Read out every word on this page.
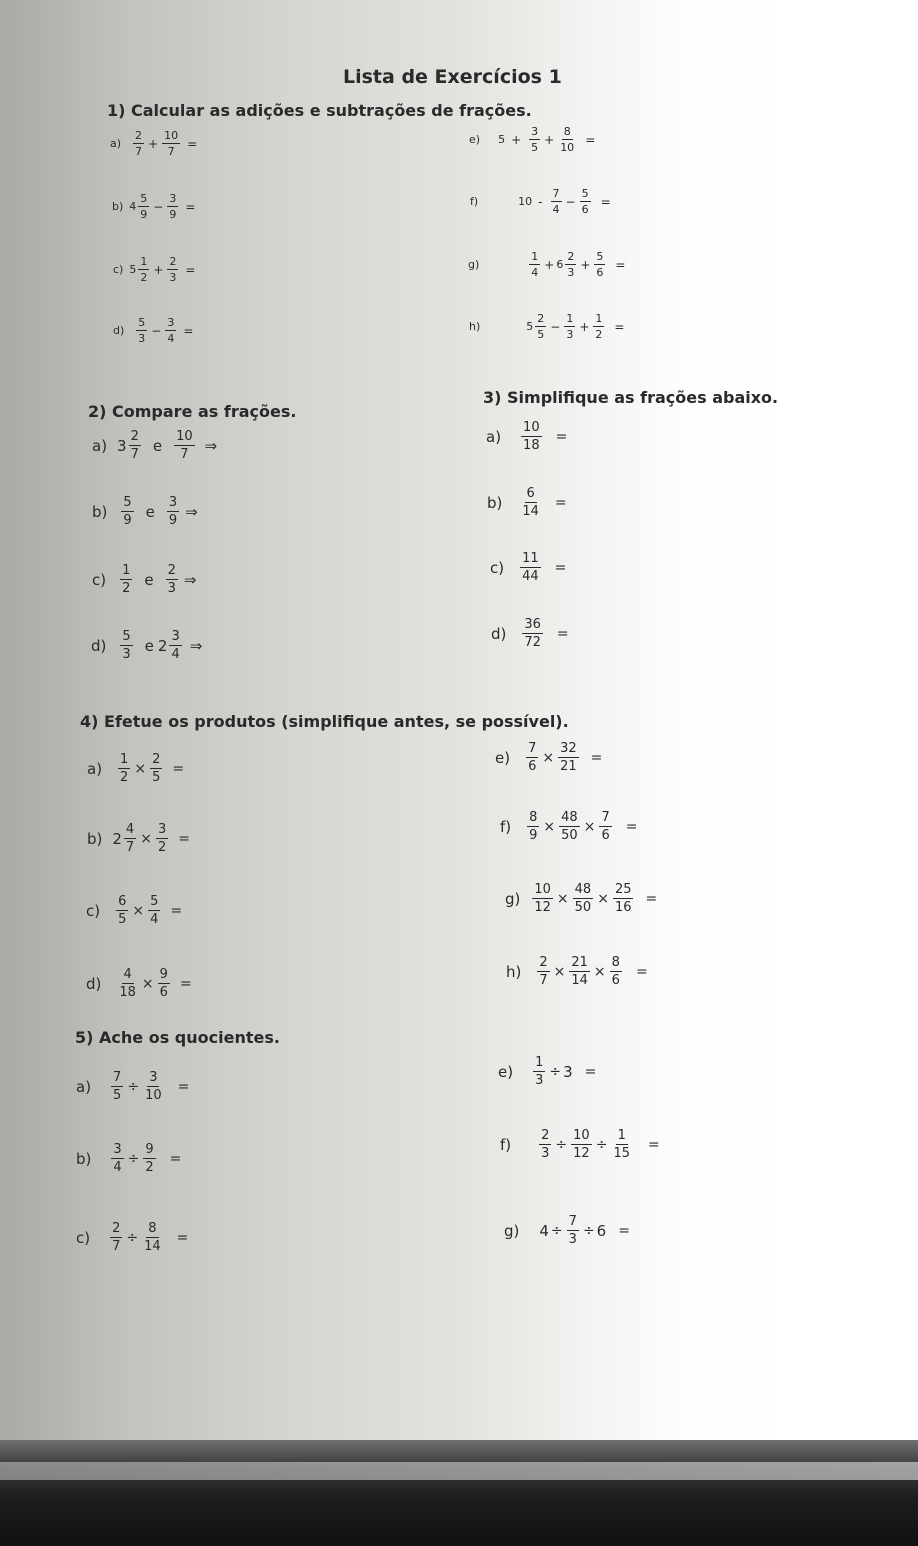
Lista de Exercícios 1
1) Calcular as adições e subtrações de frações.
$a) \frac{2}{7} + \frac{10}{7}$ =
b) $4 \frac{5}{9} - \frac{3}{9}$ =
c) $5 \frac{1}{2} + \frac{2}{3}$ =
$d) \frac{5}{3} - \frac{3}{4}$ =
e) $5 + \frac{3}{5} + \frac{8}{10}$ =
f)	$10 - \frac{7}{4} - \frac{5}{6}$ =
g)	$\frac{1}{4} + 6 \frac{2}{3} + \frac{5}{6}$ =
h)	$5 \frac{2}{5} - \frac{1}{3} + \frac{1}{2}$ =
2) Compare as frações.
a) $3 \frac{2}{7}$ e $\frac{10}{7}$ ⇒
$b) \frac{5}{9}$ e $\frac{3}{9}$ ⇒
$c) \frac{1}{2}$ e $\frac{2}{3}$ ⇒
$d) \frac{5}{3}$ e $2 \frac{3}{4}$ ⇒
3) Simplifique as frações abaixo.
$a) \frac{10}{18}$ =
$b) \frac{6}{14}$ =
$c) \frac{11}{44}$ =
$d) \frac{36}{72}$ =
4) Efetue os produtos (simplifique antes, se possível).
$a) \frac{1}{2} \times \frac{2}{5}$ =
b) $2 \frac{4}{7} \times \frac{3}{2}$ =
$c) \frac{6}{5} \times \frac{5}{4}$ =
$d) \frac{4}{18} \times \frac{9}{6}$ =
$e) \frac{7}{6} \times \frac{32}{21}$ =
$f) \frac{8}{9} \times \frac{48}{50} \times \frac{7}{6}$ =
$g) \frac{10}{12} \times \frac{48}{50} \times \frac{25}{16}$ =
$h) \frac{2}{7} \times \frac{21}{14} \times \frac{8}{6}$ =
5) Ache os quocientes.
$a) \frac{7}{5} \div \frac{3}{10}$ =
$b) \frac{3}{4} \div \frac{9}{2}$ =
$c) \frac{2}{7} \div \frac{8}{14}$ =
$e) \frac{1}{3} \div 3$ =
$f) \frac{2}{3} \div \frac{10}{12} \div \frac{1}{15}$ =
g) $4 \div \frac{7}{3} \div 6$ =
